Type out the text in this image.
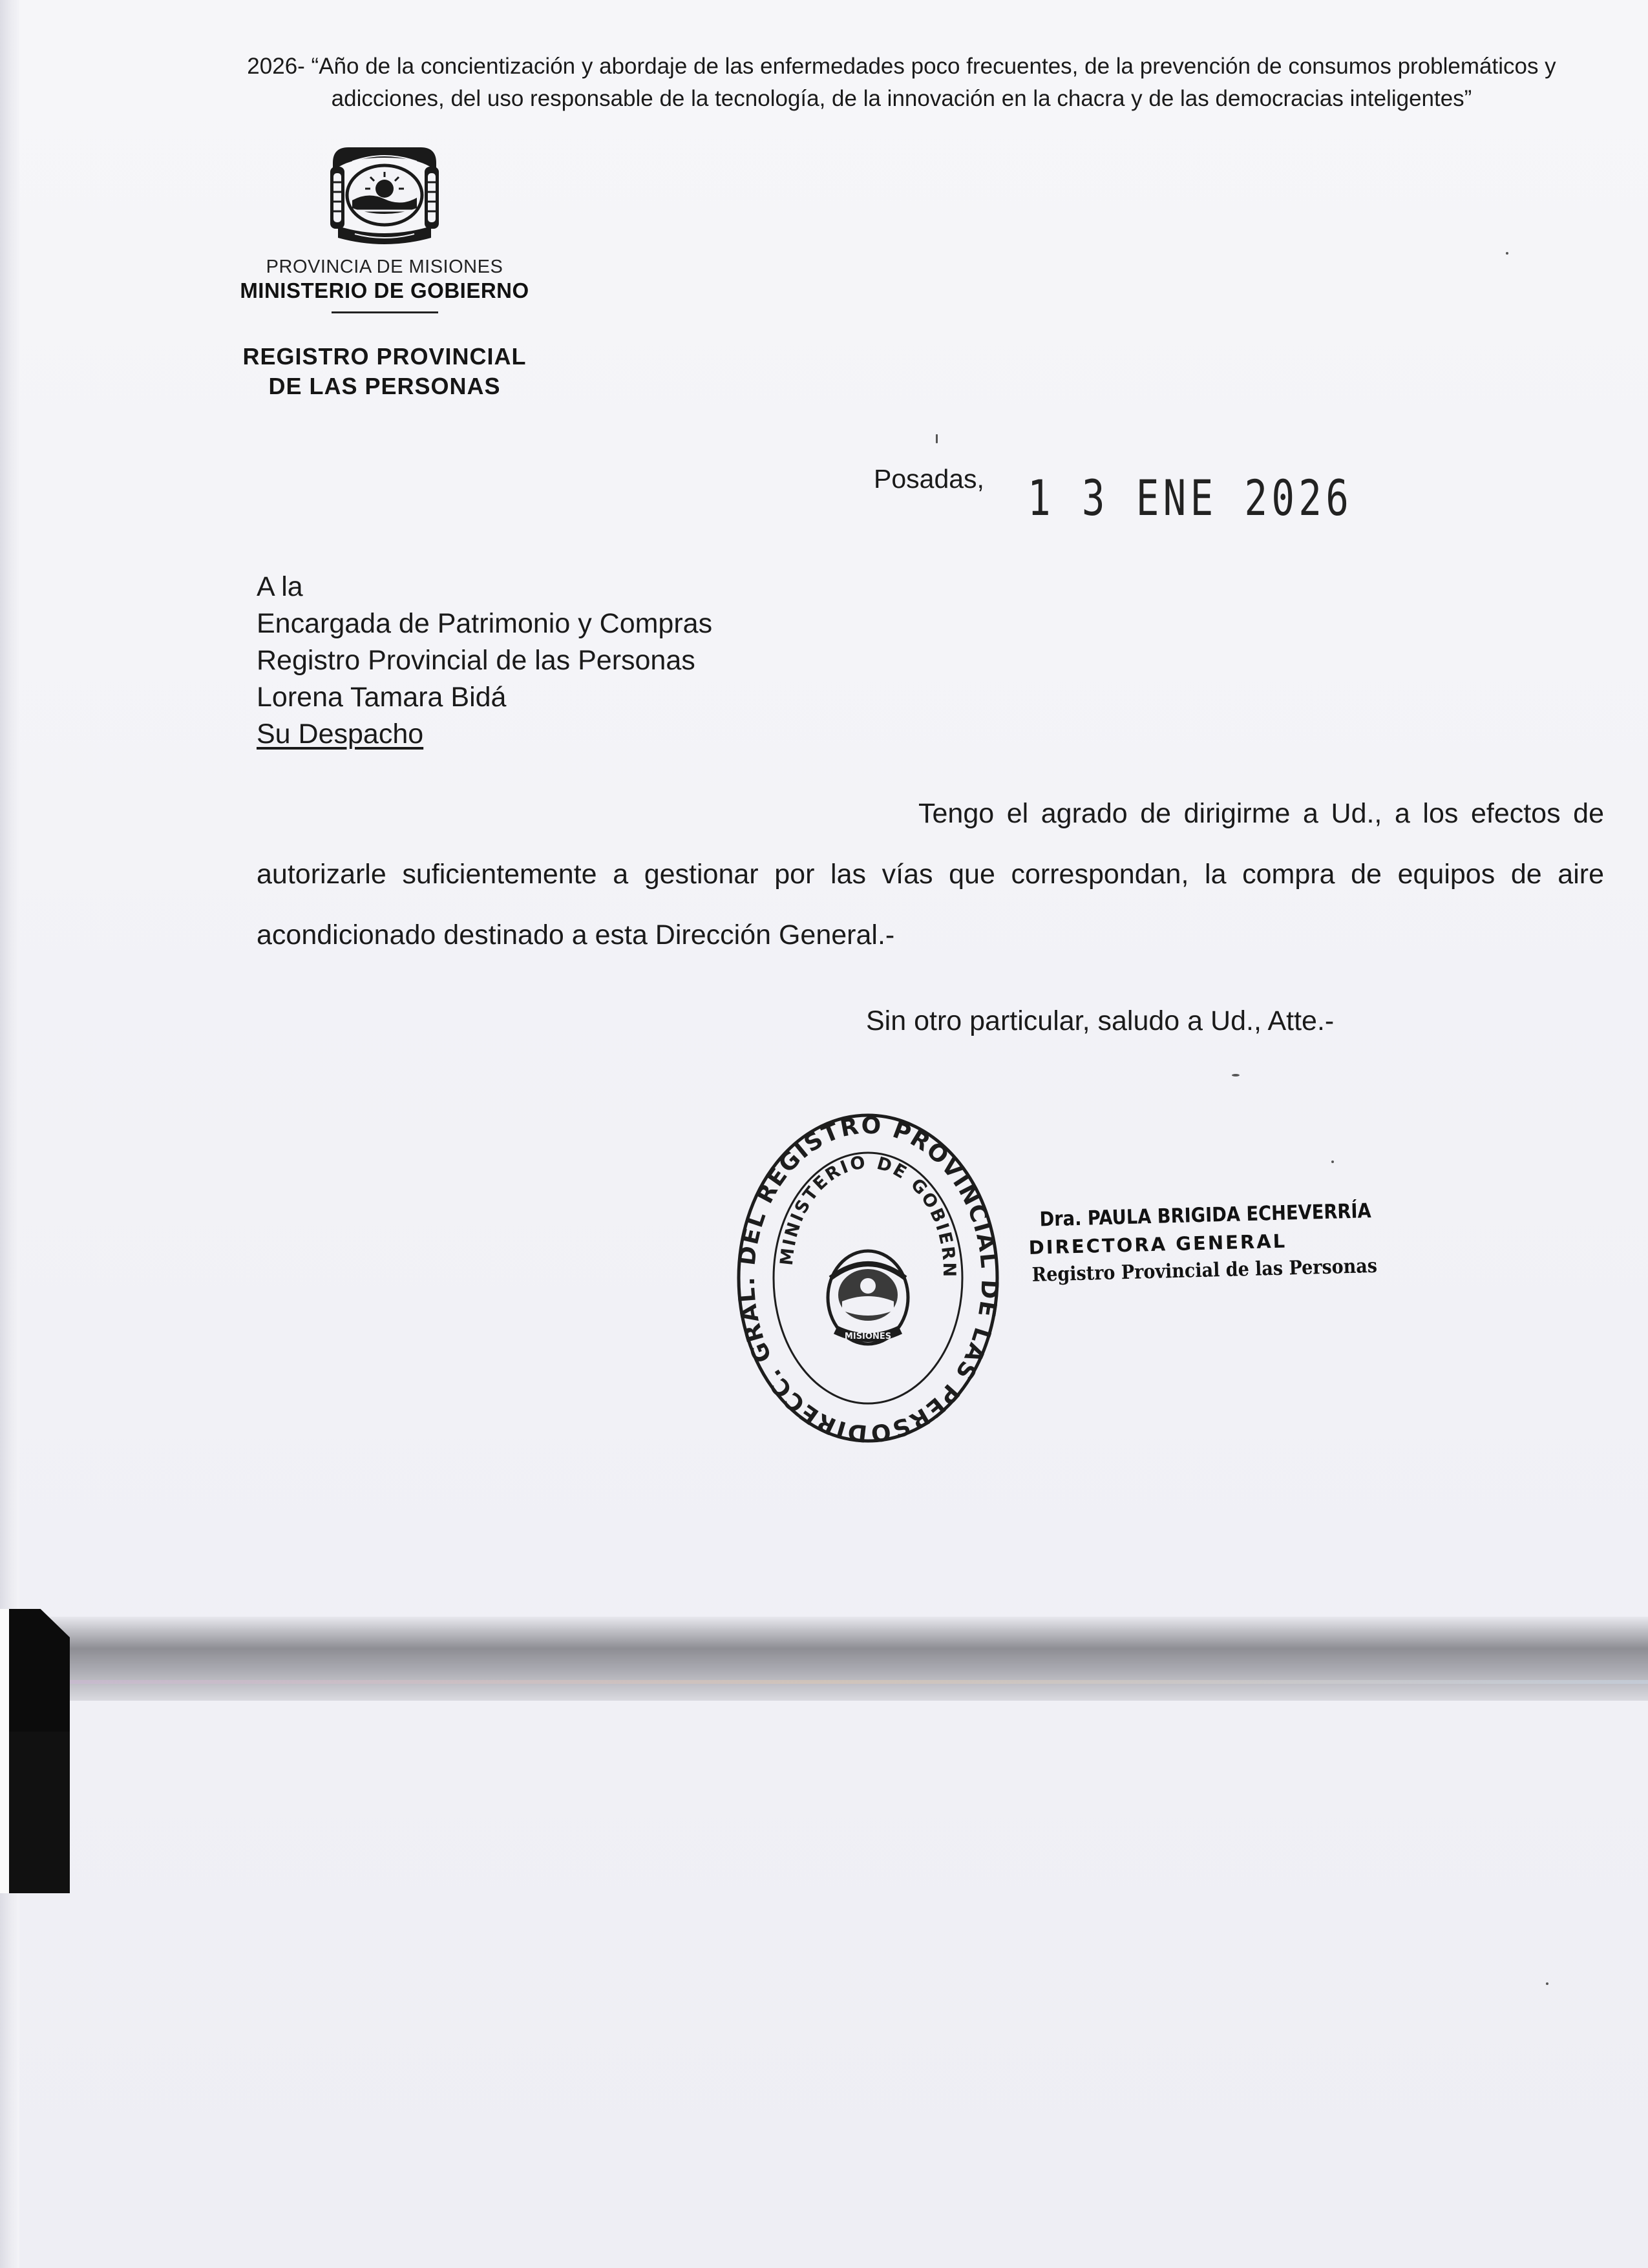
2026- “Año de la concientización y abordaje de las enfermedades poco frecuentes, de la prevención de consumos problemáticos y
adicciones, del uso responsable de la tecnología, de la innovación en la chacra y de las democracias inteligentes”
PROVINCIA DE MISIONES
MINISTERIO DE GOBIERNO
REGISTRO PROVINCIAL
DE LAS PERSONAS
Posadas, 1 3 ENE 2026
A la
Encargada de Patrimonio y Compras
Registro Provincial de las Personas
Lorena Tamara Bidá
Su Despacho
Tengo el agrado de dirigirme a Ud., a los efectos de autorizarle suficientemente a gestionar por las vías que correspondan, la compra de equipos de aire acondicionado destinado a esta Dirección General.-
Sin otro particular, saludo a Ud., Atte.-
DIRECC. GRAL. DEL REGISTRO PROVINCIAL DE LAS PERSO
MINISTERIO DE GOBIERN
MISIONES
Dra. PAULA BRIGIDA ECHEVERRÍA
DIRECTORA GENERAL
Registro Provincial de las Personas
